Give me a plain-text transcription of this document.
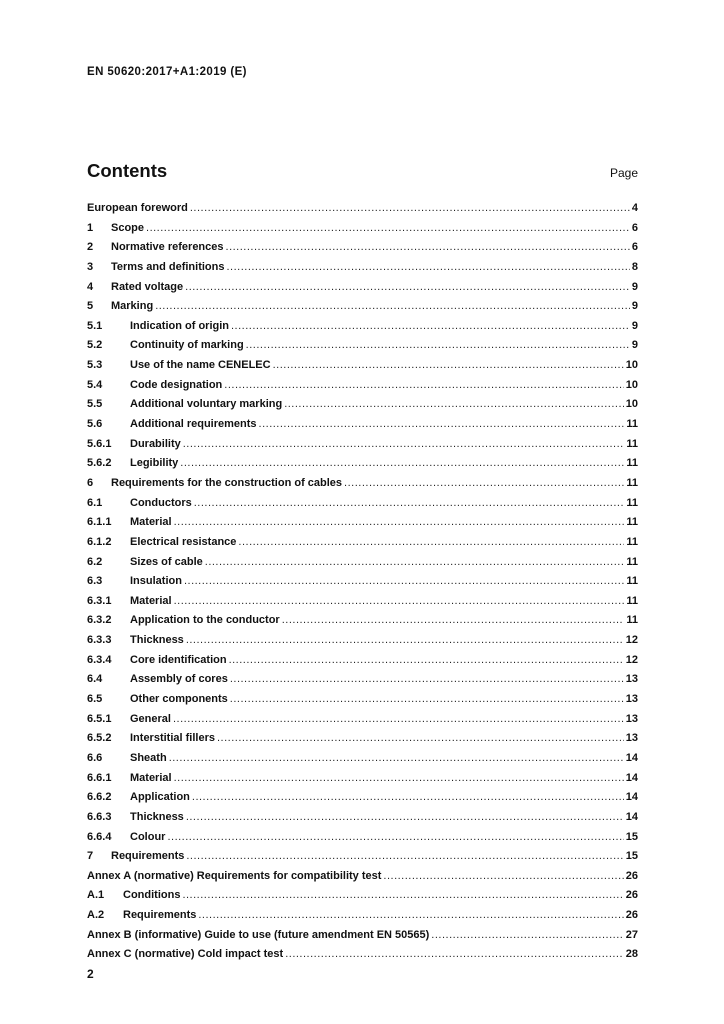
EN 50620:2017+A1:2019 (E)
Contents	Page
European foreword .....	4
1	Scope .....	6
2	Normative references .....	6
3	Terms and definitions .....	8
4	Rated voltage .....	9
5	Marking .....	9
5.1	Indication of origin .....	9
5.2	Continuity of marking .....	9
5.3	Use of the name CENELEC .....	10
5.4	Code designation .....	10
5.5	Additional voluntary marking .....	10
5.6	Additional requirements .....	11
5.6.1	Durability .....	11
5.6.2	Legibility .....	11
6	Requirements for the construction of cables .....	11
6.1	Conductors .....	11
6.1.1	Material .....	11
6.1.2	Electrical resistance .....	11
6.2	Sizes of cable .....	11
6.3	Insulation .....	11
6.3.1	Material .....	11
6.3.2	Application to the conductor .....	11
6.3.3	Thickness .....	12
6.3.4	Core identification .....	12
6.4	Assembly of cores .....	13
6.5	Other components .....	13
6.5.1	General .....	13
6.5.2	Interstitial fillers .....	13
6.6	Sheath .....	14
6.6.1	Material .....	14
6.6.2	Application .....	14
6.6.3	Thickness .....	14
6.6.4	Colour .....	15
7	Requirements .....	15
Annex A (normative) Requirements for compatibility test .....	26
A.1	Conditions .....	26
A.2	Requirements .....	26
Annex B (informative) Guide to use (future amendment EN 50565) .....	27
Annex C (normative) Cold impact test .....	28
2
